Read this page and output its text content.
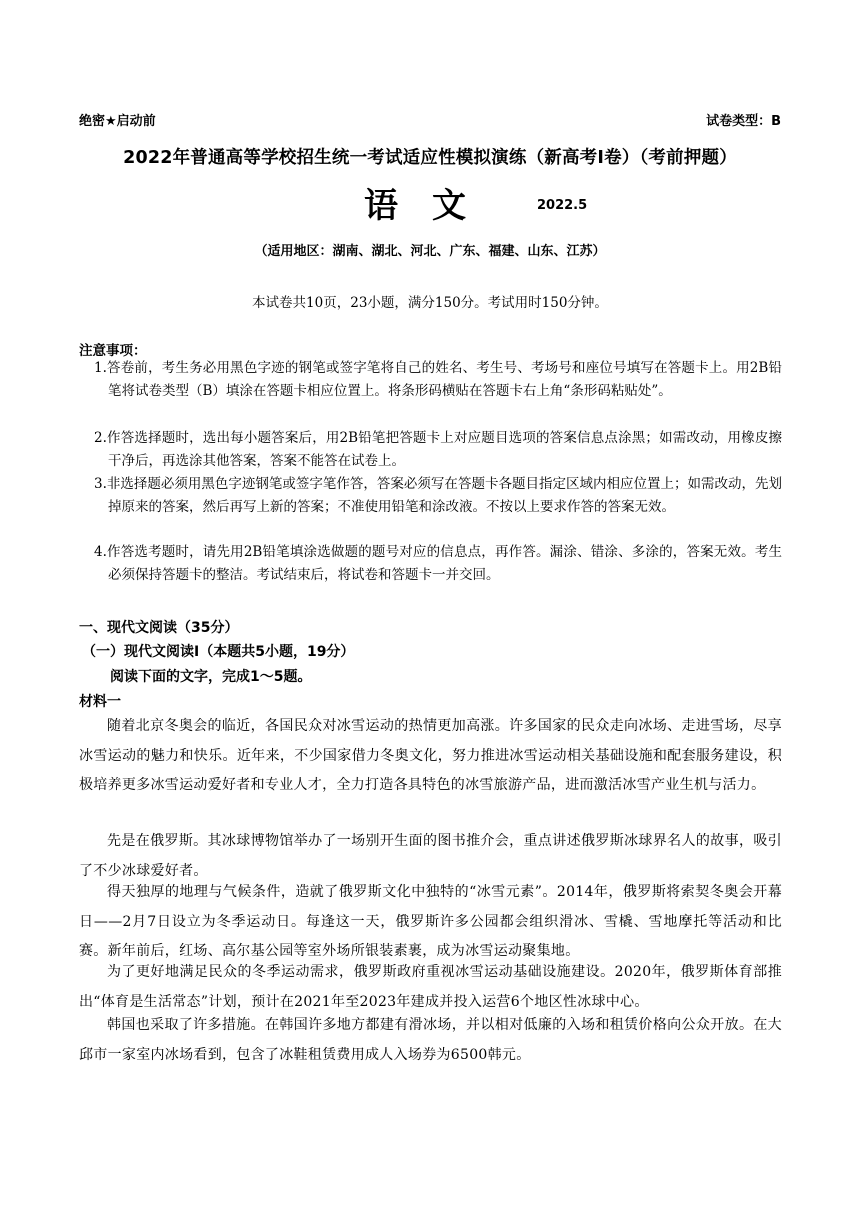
绝密★启动前	试卷类型：B
2022年普通高等学校招生统一考试适应性模拟演练（新高考Ⅰ卷）（考前押题）
语文	2022.5
（适用地区：湖南、湖北、河北、广东、福建、山东、江苏）
本试卷共10页，23小题，满分150分。考试用时150分钟。
注意事项：
1.答卷前，考生务必用黑色字迹的钢笔或签字笔将自己的姓名、考生号、考场号和座位号填写在答题卡上。用2B铅笔将试卷类型（B）填涂在答题卡相应位置上。将条形码横贴在答题卡右上角“条形码粘贴处”。
2.作答选择题时，选出每小题答案后，用2B铅笔把答题卡上对应题目选项的答案信息点涂黑；如需改动，用橡皮擦干净后，再选涂其他答案，答案不能答在试卷上。
3.非选择题必须用黑色字迹钢笔或签字笔作答，答案必须写在答题卡各题目指定区域内相应位置上；如需改动，先划掉原来的答案，然后再写上新的答案；不准使用铅笔和涂改液。不按以上要求作答的答案无效。
4.作答选考题时，请先用2B铅笔填涂选做题的题号对应的信息点，再作答。漏涂、错涂、多涂的，答案无效。考生必须保持答题卡的整洁。考试结束后，将试卷和答题卡一并交回。
一、现代文阅读（35分）
（一）现代文阅读Ⅰ（本题共5小题，19分）
阅读下面的文字，完成1～5题。
材料一
随着北京冬奥会的临近，各国民众对冰雪运动的热情更加高涨。许多国家的民众走向冰场、走进雪场，尽享冰雪运动的魅力和快乐。近年来，不少国家借力冬奥文化，努力推进冰雪运动相关基础设施和配套服务建设，积极培养更多冰雪运动爱好者和专业人才，全力打造各具特色的冰雪旅游产品，进而激活冰雪产业生机与活力。
先是在俄罗斯。其冰球博物馆举办了一场别开生面的图书推介会，重点讲述俄罗斯冰球界名人的故事，吸引了不少冰球爱好者。
得天独厚的地理与气候条件，造就了俄罗斯文化中独特的“冰雪元素”。2014年，俄罗斯将索契冬奥会开幕日——2月7日设立为冬季运动日。每逢这一天，俄罗斯许多公园都会组织滑冰、雪橇、雪地摩托等活动和比赛。新年前后，红场、高尔基公园等室外场所银装素裹，成为冰雪运动聚集地。
为了更好地满足民众的冬季运动需求，俄罗斯政府重视冰雪运动基础设施建设。2020年，俄罗斯体育部推出“体育是生活常态”计划，预计在2021年至2023年建成并投入运营6个地区性冰球中心。
韩国也采取了许多措施。在韩国许多地方都建有滑冰场，并以相对低廉的入场和租赁价格向公众开放。在大邱市一家室内冰场看到，包含了冰鞋租赁费用成人入场券为6500韩元。
